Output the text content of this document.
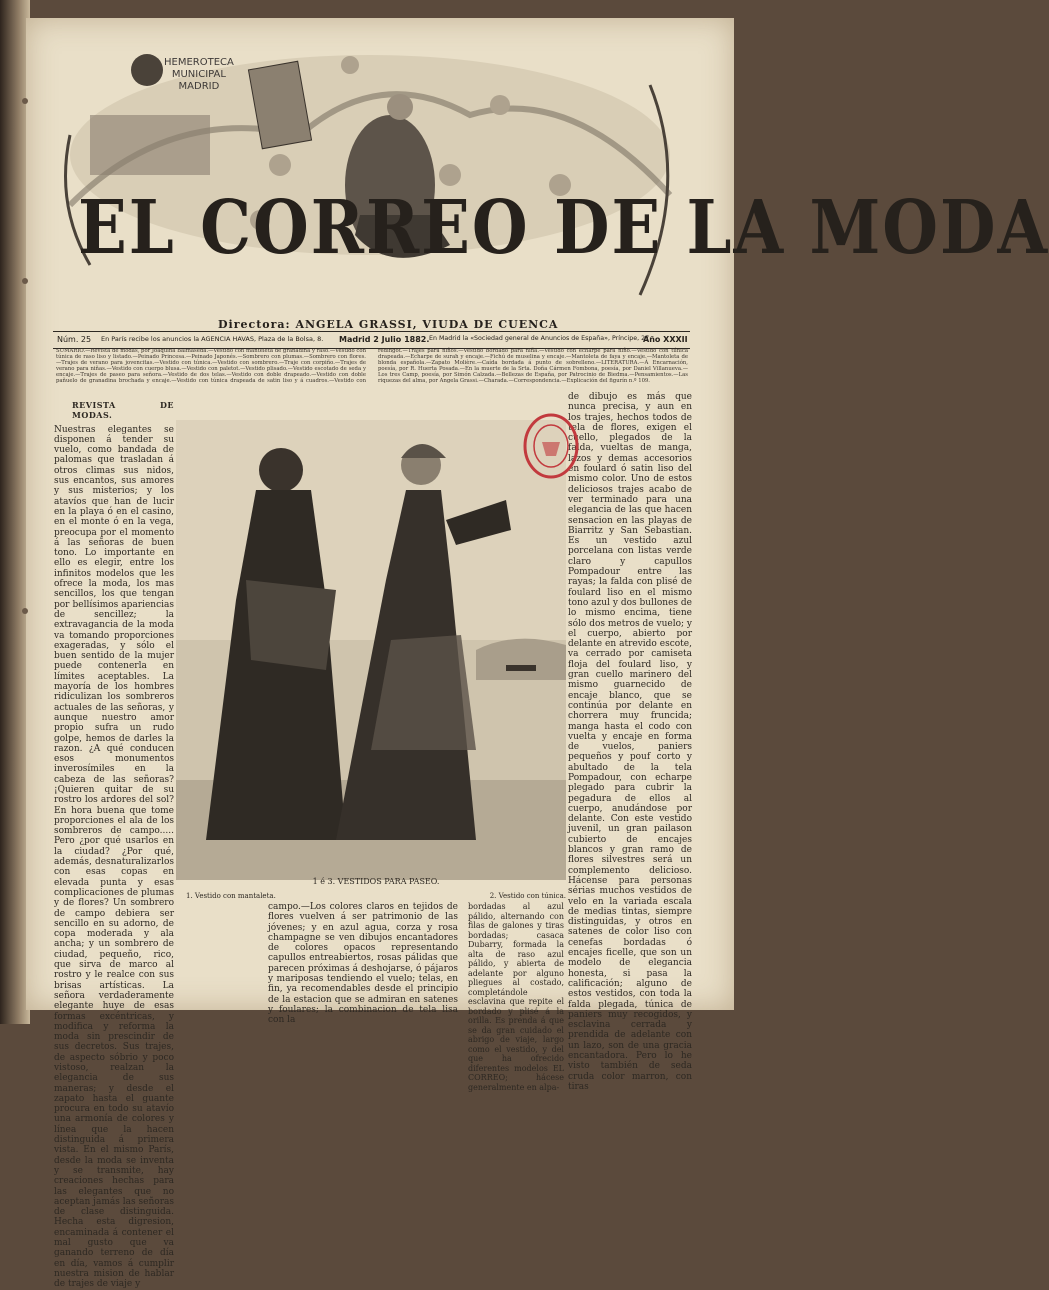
HEMEROTECA
MUNICIPAL
MADRID
EL CORREO DE LA MODA
Directora: ANGELA GRASSI, VIUDA DE CUENCA
Núm. 25 En París recibe los anuncios la AGENCIA HAVAS, Plaza de la Bolsa, 8. Madrid 2 Julio 1882. En Madrid la «Sociedad general de Anuncios de España», Príncipe, 27
Año XXXII
SUMARIO.—Revista de modas, por Joaquina Balmaseda.—Vestido con manteleta de granadina y raso.—Vestido con túnica de raso liso y listado.—Peinado Princesa.—Peinado Japonés.—Sombrero con plumas.—Sombrero con flores.—Trajes de verano para jovencitas.—Vestido con túnica.—Vestido con sombrero.—Traje con corpiño.—Trajes de verano para niñas.—Vestido con cuerpo blusa.—Vestido con paletot.—Vestido plisado.—Vestido escotado de seda y encaje.—Trajes de paseo para señora.—Vestido de dos telas.—Vestido con doble drapeado.—Vestido con doble pañuelo de granadina brochada y encaje.—Vestido con túnica drapeada de satin liso y á cuadros.—Vestido con redingot.—Trajes para niños.—Vestido bordado para niña.—Vestido con echarpe para niño.—Vestido con túnica drapeada.—Echarpe de surah y encaje.—Fichú de muselina y encaje.—Mantoleta de faya y encaje.—Mantoleta de blonda española.—Zapato Molière.—Caída bordada á punto de sobrelleno.—LITERATURA.—Á Encarnación, poesía, por R. Huerta Posada.—En la muerte de la Srta. Doña Cármen Fombona, poesía, por Daniel Villanueva.—Los tres Camp, poesía, por Simón Calzada.—Bellezas de España, por Patrocinio de Biedma.—Pensamientos.—Las riquezas del alma, por Angela Grassi.—Charada.—Correspondencia.—Explicación del figurín n.º 109.
REVISTA DE MODAS.
Nuestras elegantes se disponen á tender su vuelo, como bandada de palomas que trasladan á otros climas sus nidos, sus encantos, sus amores y sus misterios; y los atavíos que han de lucir en la playa ó en el casino, en el monte ó en la vega, preocupa por el momento á las señoras de buen tono. Lo importante en ello es elegir, entre los infinitos modelos que les ofrece la moda, los mas sencillos, los que tengan por bellísimos apariencias de sencillez; la extravagancia de la moda va tomando proporciones exageradas, y sólo el buen sentido de la mujer puede contenerla en límites aceptables. La mayoría de los hombres ridiculizan los sombreros actuales de las señoras, y aunque nuestro amor propio sufra un rudo golpe, hemos de darles la razon. ¿A qué conducen esos monumentos inverosímiles en la cabeza de las señoras? ¡Quieren quitar de su rostro los ardores del sol? En hora buena que tome proporciones el ala de los sombreros de campo..... Pero ¿por qué usarlos en la ciudad? ¿Por qué, además, desnaturalizarlos con esas copas en elevada punta y esas complicaciones de plumas y de flores? Un sombrero de campo debiera ser sencillo en su adorno, de copa moderada y ala ancha; y un sombrero de ciudad, pequeño, rico, que sirva de marco al rostro y le realce con sus brisas artísticas. La señora verdaderamente elegante huye de esas formas excéntricas, y modifica y reforma la moda sin prescindir de sus decretos. Sus trajes, de aspecto sóbrio y poco vistoso, realzan la elegancia de sus maneras; y desde el zapato hasta el guante procura en todo su atavío una armonía de colores y línea que la hacen distinguida á primera vista. En el mismo París, desde la moda se inventa y se transmite, hay creaciones hechas para las elegantes que no aceptan jamás las señoras de clase distinguida. Hecha esta digresion, encaminada á contener el mal gusto que va ganando terreno de día en día, vamos á cumplir nuestra mision de hablar de trajes de viaje y
de dibujo es más que nunca precisa, y aun en los trajes, hechos todos de tela de flores, exigen el cuello, plegados de la falda, vueltas de manga, lazos y demas accesorios en foulard ó satin liso del mismo color. Uno de estos deliciosos trajes acabo de ver terminado para una elegancia de las que hacen sensacion en las playas de Biarritz y San Sebastian. Es un vestido azul porcelana con listas verde claro y capullos Pompadour entre las rayas; la falda con plisé de foulard liso en el mismo tono azul y dos bullones de lo mismo encima, tiene sólo dos metros de vuelo; y el cuerpo, abierto por delante en atrevido escote, va cerrado por camiseta floja del foulard liso, y gran cuello marinero del mismo guarnecido de encaje blanco, que se continúa por delante en chorrera muy fruncida; manga hasta el codo con vuelta y encaje en forma de vuelos, paniers pequeños y pouf corto y abultado de la tela Pompadour, con echarpe plegado para cubrir la pegadura de ellos al cuerpo, anudándose por delante. Con este vestido juvenil, un gran pailason cubierto de encajes blancos y gran ramo de flores silvestres será un complemento delicioso. Hácense para personas sérias muchos vestidos de velo en la variada escala de medias tintas, siempre distinguidas, y otros en satenes de color liso con cenefas bordadas ó encajes ficelle, que son un modelo de elegancia honesta, si pasa la calificación; alguno de estos vestidos, con toda la falda plegada, túnica de paniers muy recogidos, y esclavina cerrada y prendida de adelante con un lazo, son de una gracia encantadora. Pero lo he visto también de seda cruda color marron, con tiras
campo.—Los colores claros en tejidos de flores vuelven á ser patrimonio de las jóvenes; y en azul agua, corza y rosa champagne se ven dibujos encantadores de colores opacos representando capullos entreabiertos, rosas pálidas que parecen próximas á deshojarse, ó pájaros y mariposas tendiendo el vuelo; telas, en fin, ya recomendables desde el principio de la estacion que se admiran en satenes y foulares; la combinacion de tela lisa con la
bordadas al azul pálido, alternando con filas de galones y tiras bordadas; casaca Dubarry, formada la alta de raso azul pálido, y abierta de adelante por alguno pliegues al costado, completándole esclavina que repite el bordado y plisé á la orilla. Es prenda á que se da gran cuidado el abrigo de viaje, largo como el vestido, y del que ha ofrecido diferentes modelos EL CORREO; hácese generalmente en alpa-
1 é 3. VESTIDOS PARA PASEO.
1. Vestido con mantaleta.	2. Vestido con túnica.
